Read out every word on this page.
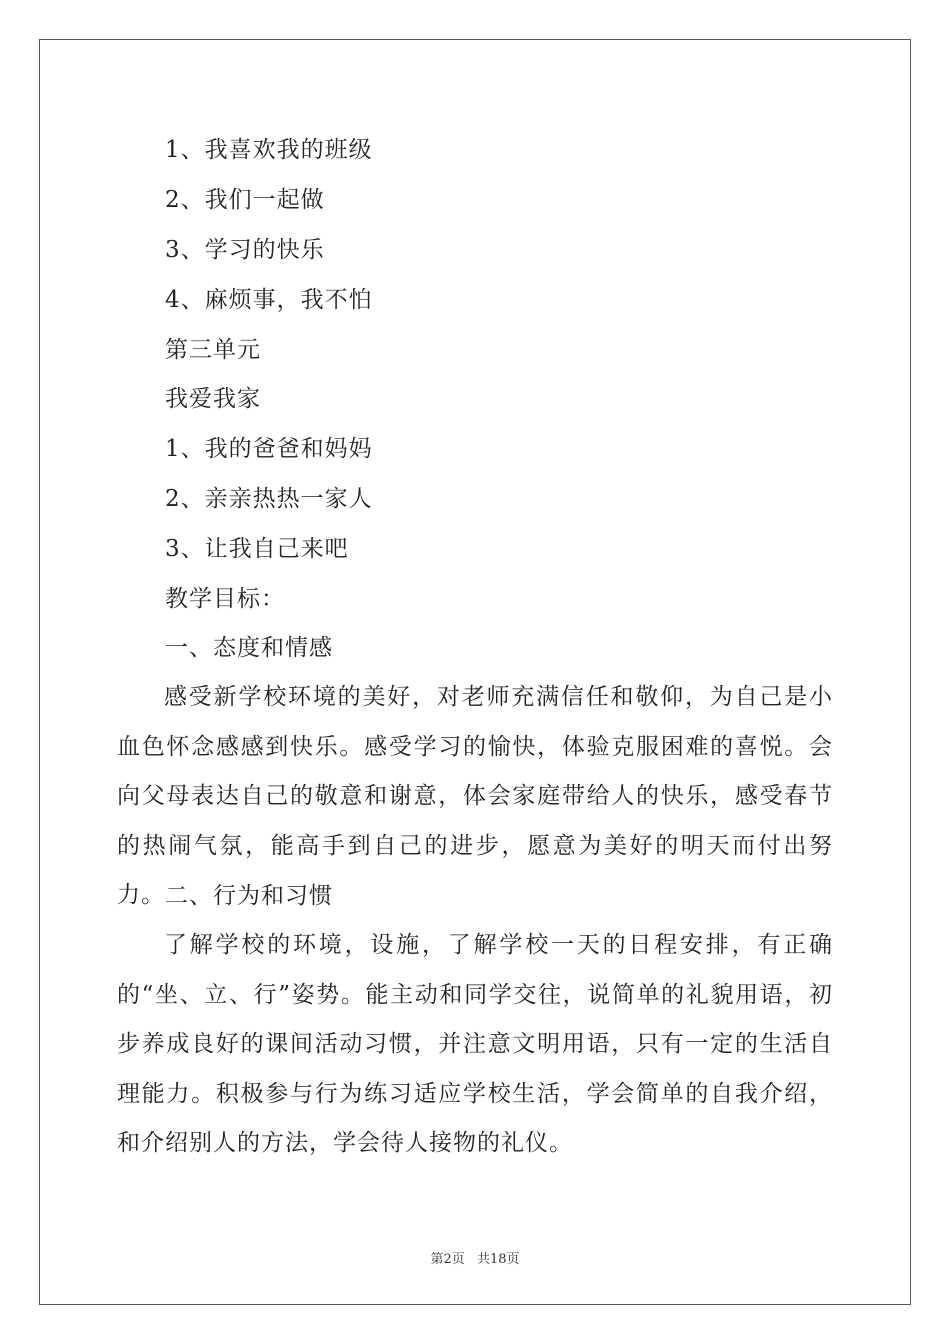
1、我喜欢我的班级
2、我们一起做
3、学习的快乐
4、麻烦事，我不怕
第三单元
我爱我家
1、我的爸爸和妈妈
2、亲亲热热一家人
3、让我自己来吧
教学目标：
一、态度和情感
感受新学校环境的美好，对老师充满信任和敬仰，为自己是小血色怀念感感到快乐。感受学习的愉快，体验克服困难的喜悦。会向父母表达自己的敬意和谢意，体会家庭带给人的快乐，感受春节的热闹气氛，能高手到自己的进步，愿意为美好的明天而付出努力。 二、行为和习惯
了解学校的环境，设施，了解学校一天的日程安排，有正确的“坐、立、行”姿势。能主动和同学交往，说简单的礼貌用语，初步养成良好的课间活动习惯，并注意文明用语，只有一定的生活自理能力。积极参与行为练习适应学校生活，学会简单的自我介绍，和介绍别人的方法，学会待人接物的礼仪。
第2页 共18页
